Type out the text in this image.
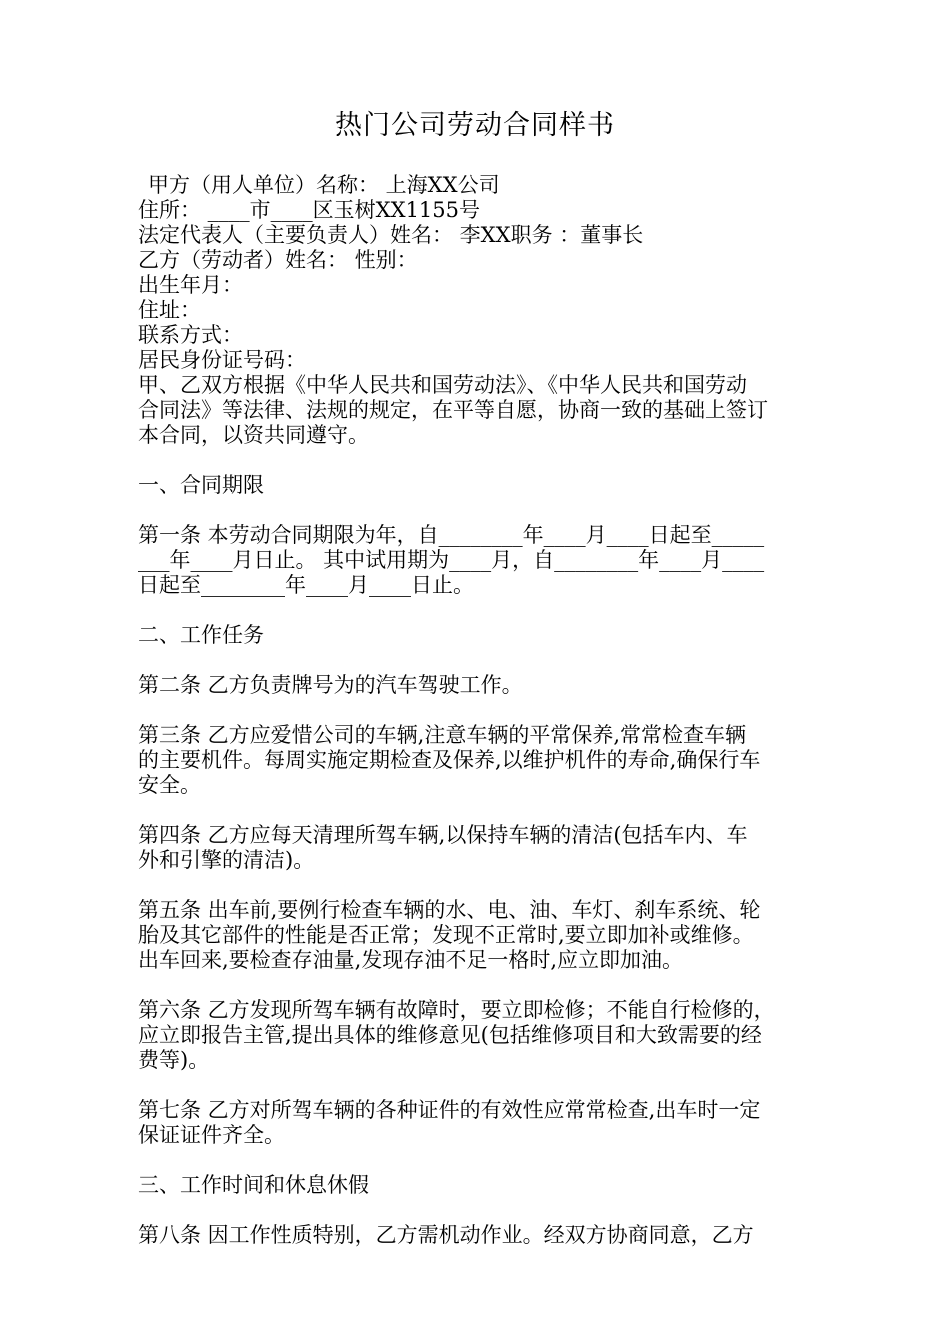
热门公司劳动合同样书
甲方（用人单位）名称： 上海XX公司
住所： ____市____区玉树XX1155号
法定代表人（主要负责人）姓名： 李XX职务 ：董事长
乙方（劳动者）姓名： 性别：
出生年月：
住址：
联系方式：
居民身份证号码：
甲、乙双方根据《中华人民共和国劳动法》、《中华人民共和国劳动
合同法》等法律、法规的规定，在平等自愿，协商一致的基础上签订
本合同，以资共同遵守。
一、合同期限
第一条 本劳动合同期限为年，自________年____月____日起至_____
___年____月日止。 其中试用期为____月，自________年____月____
日起至________年____月____日止。
二、工作任务
第二条 乙方负责牌号为的汽车驾驶工作。
第三条 乙方应爱惜公司的车辆,注意车辆的平常保养,常常检查车辆
的主要机件。每周实施定期检查及保养,以维护机件的寿命,确保行车
安全。
第四条 乙方应每天清理所驾车辆,以保持车辆的清洁(包括车内、车
外和引擎的清洁)。
第五条 出车前,要例行检查车辆的水、电、油、车灯、刹车系统、轮
胎及其它部件的性能是否正常；发现不正常时,要立即加补或维修。
出车回来,要检查存油量,发现存油不足一格时,应立即加油。
第六条 乙方发现所驾车辆有故障时，要立即检修；不能自行检修的，
应立即报告主管,提出具体的维修意见(包括维修项目和大致需要的经
费等)。
第七条 乙方对所驾车辆的各种证件的有效性应常常检查,出车时一定
保证证件齐全。
三、工作时间和休息休假
第八条 因工作性质特别，乙方需机动作业。经双方协商同意，乙方
